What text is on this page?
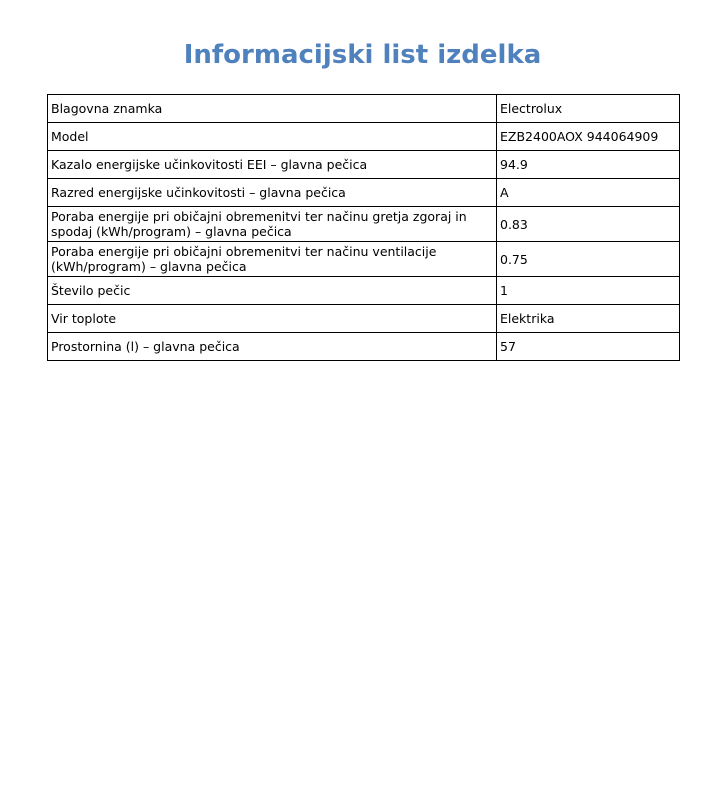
Informacijski list izdelka
Blagovna znamka	Electrolux
Model	EZB2400AOX 944064909
Kazalo energijske učinkovitosti EEI – glavna pečica	94.9
Razred energijske učinkovitosti – glavna pečica	A
Poraba energije pri običajni obremenitvi ter načinu gretja zgoraj in spodaj (kWh/program) – glavna pečica	0.83
Poraba energije pri običajni obremenitvi ter načinu ventilacije (kWh/program) – glavna pečica	0.75
Število pečic	1
Vir toplote	Elektrika
Prostornina (l) – glavna pečica	57
